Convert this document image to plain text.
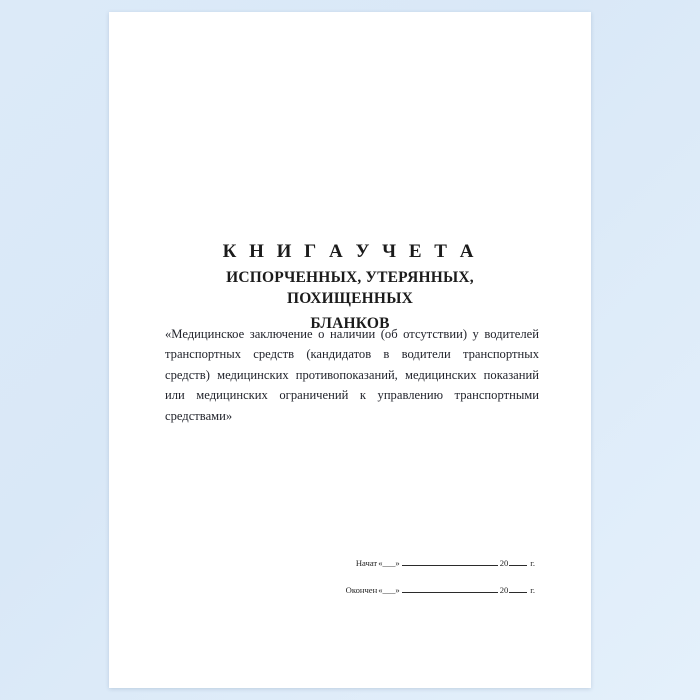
К Н И Г А У Ч Е Т А
ИСПОРЧЕННЫХ, УТЕРЯННЫХ, ПОХИЩЕННЫХ
БЛАНКОВ
«Медицинское заключение о наличии (об отсутствии) у водителей транспортных средств (кандидатов в водители транспортных средств) медицинских противопоказаний, медицинских показаний или медицинских ограничений к управлению транспортными средствами»
Начат «___»	20	г.
Окончен «___»	20	г.
